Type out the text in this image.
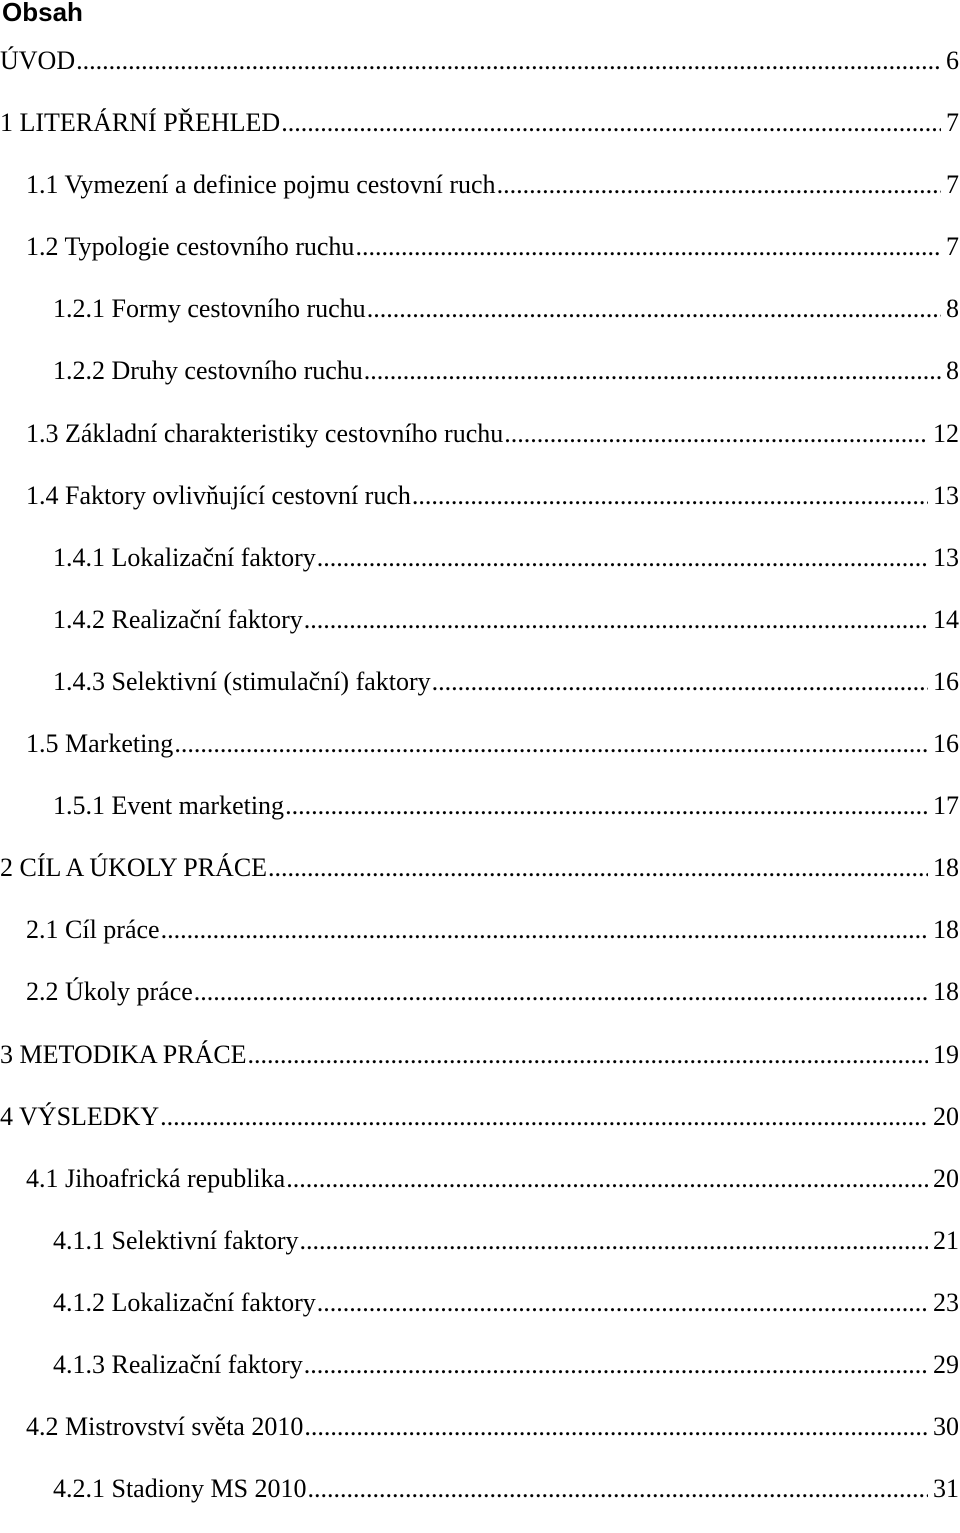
Obsah
ÚVOD .....	6
1 LITERÁRNÍ PŘEHLED .....	7
1.1 Vymezení a definice pojmu cestovní ruch .....	7
1.2 Typologie cestovního ruchu .....	7
1.2.1 Formy cestovního ruchu .....	8
1.2.2 Druhy cestovního ruchu .....	8
1.3 Základní charakteristiky cestovního ruchu .....	12
1.4 Faktory ovlivňující cestovní ruch .....	13
1.4.1 Lokalizační faktory .....	13
1.4.2 Realizační faktory .....	14
1.4.3 Selektivní (stimulační) faktory .....	16
1.5 Marketing .....	16
1.5.1 Event marketing .....	17
2 CÍL A ÚKOLY PRÁCE .....	18
2.1 Cíl práce .....	18
2.2 Úkoly práce .....	18
3 METODIKA PRÁCE .....	19
4 VÝSLEDKY .....	20
4.1 Jihoafrická republika .....	20
4.1.1 Selektivní faktory .....	21
4.1.2 Lokalizační faktory .....	23
4.1.3 Realizační faktory .....	29
4.2 Mistrovství světa 2010 .....	30
4.2.1 Stadiony MS 2010 .....	31
